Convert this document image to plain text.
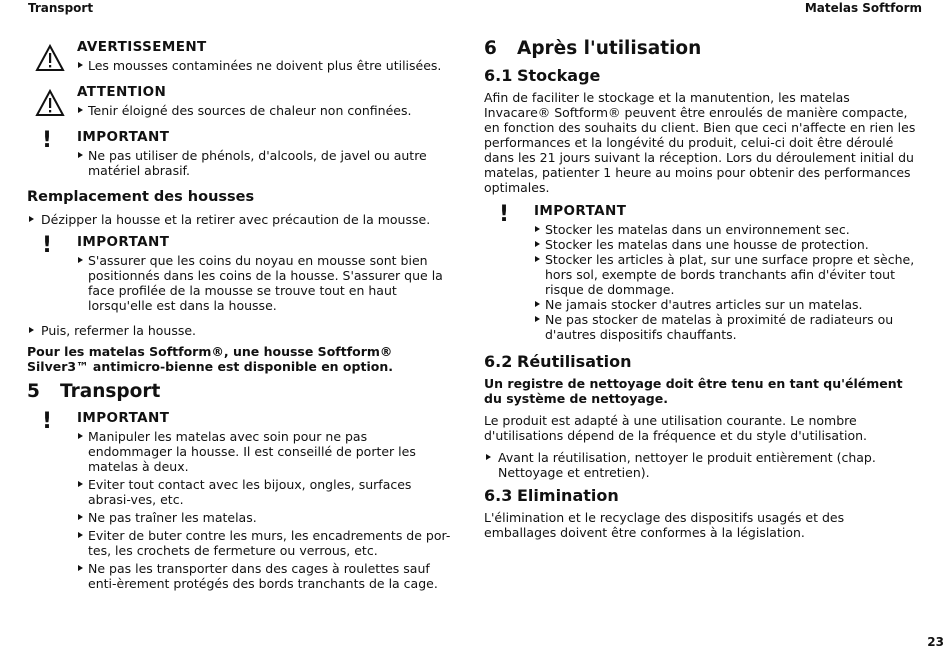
Transport	Matelas Softform
AVERTISSEMENT
Les mousses contaminées ne doivent plus être utilisées.
ATTENTION
Tenir éloigné des sources de chaleur non confinées.
! IMPORTANT
Ne pas utiliser de phénols, d'alcools, de javel ou autre matériel abrasif.
Remplacement des housses
Dézipper la housse et la retirer avec précaution de la mousse.
! IMPORTANT
S'assurer que les coins du noyau en mousse sont bien positionnés dans les coins de la housse. S'assurer que la face profilée de la mousse se trouve tout en haut lorsqu'elle est dans la housse.
Puis, refermer la housse.

Pour les matelas Softform®, une housse Softform® Silver3™ antimicro-bienne est disponible en option.

5 Transport
! IMPORTANT
Manipuler les matelas avec soin pour ne pas endommager la housse. Il est conseillé de porter les matelas à deux.
Eviter tout contact avec les bijoux, ongles, surfaces abrasi-ves, etc.
Ne pas traîner les matelas.
Eviter de buter contre les murs, les encadrements de por-tes, les crochets de fermeture ou verrous, etc.
Ne pas les transporter dans des cages à roulettes sauf enti-èrement protégés des bords tranchants de la cage.
6 Après l'utilisation
6.1 Stockage

Afin de faciliter le stockage et la manutention, les matelas Invacare® Softform® peuvent être enroulés de manière compacte, en fonction des souhaits du client. Bien que ceci n'affecte en rien les performances et la longévité du produit, celui-ci doit être déroulé dans les 21 jours suivant la réception. Lors du déroulement initial du matelas, patienter 1 heure au moins pour obtenir des performances optimales.

! IMPORTANT
Stocker les matelas dans un environnement sec.
Stocker les matelas dans une housse de protection.
Stocker les articles à plat, sur une surface propre et sèche, hors sol, exempte de bords tranchants afin d'éviter tout risque de dommage.
Ne jamais stocker d'autres articles sur un matelas.
Ne pas stocker de matelas à proximité de radiateurs ou d'autres dispositifs chauffants.
6.2 Réutilisation

Un registre de nettoyage doit être tenu en tant qu'élément du système de nettoyage.

Le produit est adapté à une utilisation courante. Le nombre d'utilisations dépend de la fréquence et du style d'utilisation.

Avant la réutilisation, nettoyer le produit entièrement (chap. Nettoyage et entretien).
6.3 Elimination

L'élimination et le recyclage des dispositifs usagés et des emballages doivent être conformes à la législation.

23
